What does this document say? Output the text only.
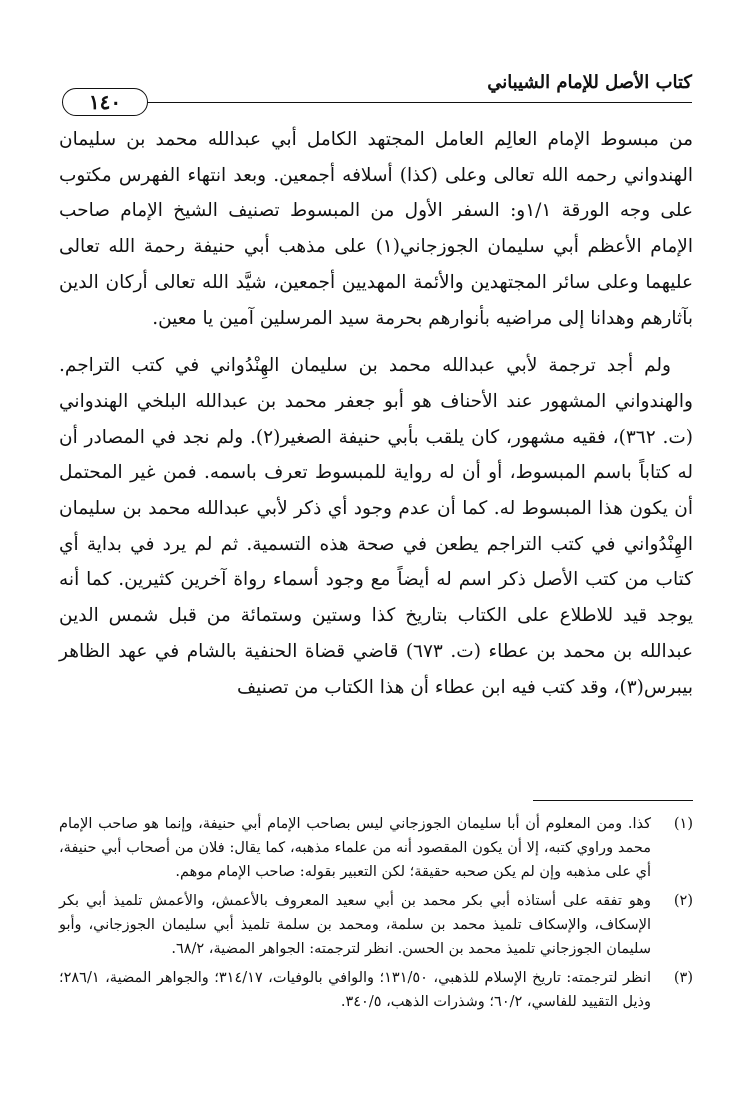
كتاب الأصل للإمام الشيباني
١٤٠

من مبسوط الإمام العالِم العامل المجتهد الكامل أبي عبدالله محمد بن سليمان الهندواني رحمه الله تعالى وعلى (كذا) أسلافه أجمعين. وبعد انتهاء الفهرس مكتوب على وجه الورقة ١/١و: السفر الأول من المبسوط تصنيف الشيخ الإمام صاحب الإمام الأعظم أبي سليمان الجوزجاني(١) على مذهب أبي حنيفة رحمة الله تعالى عليهما وعلى سائر المجتهدين والأئمة المهديين أجمعين، شيَّد الله تعالى أركان الدين بآثارهم وهدانا إلى مراضيه بأنوارهم بحرمة سيد المرسلين آمين يا معين.

ولم أجد ترجمة لأبي عبدالله محمد بن سليمان الهِنْدُواني في كتب التراجم. والهندواني المشهور عند الأحناف هو أبو جعفر محمد بن عبدالله البلخي الهندواني (ت. ٣٦٢)، فقيه مشهور، كان يلقب بأبي حنيفة الصغير(٢). ولم نجد في المصادر أن له كتاباً باسم المبسوط، أو أن له رواية للمبسوط تعرف باسمه. فمن غير المحتمل أن يكون هذا المبسوط له. كما أن عدم وجود أي ذكر لأبي عبدالله محمد بن سليمان الهِنْدُواني في كتب التراجم يطعن في صحة هذه التسمية. ثم لم يرد في بداية أي كتاب من كتب الأصل ذكر اسم له أيضاً مع وجود أسماء رواة آخرين كثيرين. كما أنه يوجد قيد للاطلاع على الكتاب بتاريخ كذا وستين وستمائة من قبل شمس الدين عبدالله بن محمد بن عطاء (ت. ٦٧٣) قاضي قضاة الحنفية بالشام في عهد الظاهر بيبرس(٣)، وقد كتب فيه ابن عطاء أن هذا الكتاب من تصنيف

(١)
كذا. ومن المعلوم أن أبا سليمان الجوزجاني ليس بصاحب الإمام أبي حنيفة، وإنما هو صاحب الإمام محمد وراوي كتبه، إلا أن يكون المقصود أنه من علماء مذهبه، كما يقال: فلان من أصحاب أبي حنيفة، أي على مذهبه وإن لم يكن صحبه حقيقة؛ لكن التعبير بقوله: صاحب الإمام موهم.
(٢)
وهو تفقه على أستاذه أبي بكر محمد بن أبي سعيد المعروف بالأعمش، والأعمش تلميذ أبي بكر الإسكاف، والإسكاف تلميذ محمد بن سلمة، ومحمد بن سلمة تلميذ أبي سليمان الجوزجاني، وأبو سليمان الجوزجاني تلميذ محمد بن الحسن. انظر لترجمته: الجواهر المضية، ٦٨/٢.
(٣)
انظر لترجمته: تاريخ الإسلام للذهبي، ١٣١/٥٠؛ والوافي بالوفيات، ٣١٤/١٧؛ والجواهر المضية، ٢٨٦/١؛ وذيل التقييد للفاسي، ٦٠/٢؛ وشذرات الذهب، ٣٤٠/٥.
